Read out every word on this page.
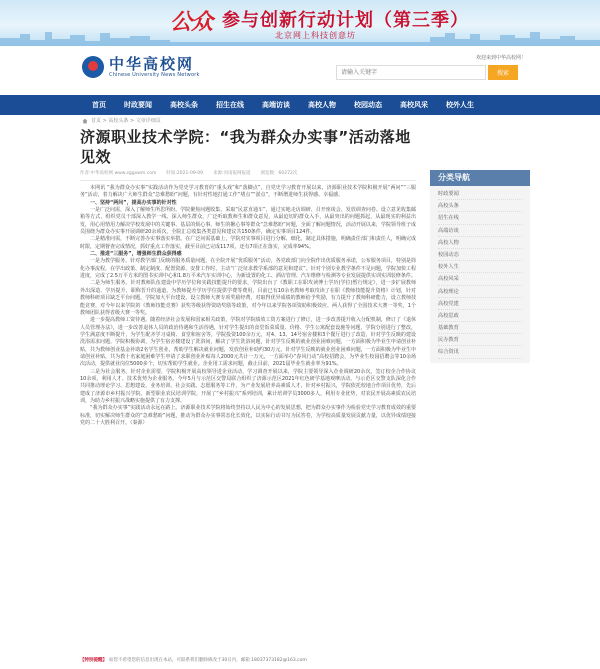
公众 参与创新行动计划（第三季）
北京网上科技创意坊
中华高校网
Chinese University News Network
欢迎来到中华高校网！
请输入关键字
搜索
首页	时政要闻	高校头条	招生在线	高端访谈	高校人物	校园动态	高校风采	校外人生
首页 > 高校头条 > 文章详细页
济源职业技术学院：“我为群众办实事”活动落地见效
作者:中华高校网 www.zggxwm.com 时间:2021-09-09 来源:河南报网报道 浏览数：60272次

本网讯 “我为群众办实事”实践活动作为党史学习教育的“重头戏”和“落脚点”，自党史学习教育开展以来，济源职业技术学院积极开展“两问”“三服务”活动，着力解决广大师生群众“急难愁盼”问题，有针对性地打通工作“堵点”“淤点”，不断增进师生获得感、幸福感。

一、坚持“两问”，提高办实事的针对性

一是广泛问需，深入了解师生所思所盼。学院聚焦问题收集，采取“民意直通车”，通过实地走访调研、召开座谈会、发放调查问卷、设立意见收集邮箱等方式，组织党员干部深入教学一线、深入师生群众，广泛听取教师生和群众意见，从最迫切的群众入手，从最突出的问题抓起，从最现实的利益出发，用心用情用力解决学校发展中的关键事、基层的烦心事、师生的揪心事等群众“急难愁盼”问题，全面了解问题情况，活动开展以来，学院领导班子成员围绕为群众办实事开展调研20余项次，全院汇总收集各类意见和建议共150条件，确定实事项目124件。

二是精准问需，不断完善办实事落实举措。在广泛问需基础上，学院对实事项目进行分解、细化，制定具体措施，明确责任部门和责任人，明确完成时限，定期督查完成情况，抓好重点工作落实，截至目前已完成117项，还有7项正在落实，完成率94%。

二、推进“三服务”，增强师生群众获得感

一是为教学服务。针对教学部门反映的服务质量问题，在全院开展“优质服务”活动，各党政部门向全院作出优质服务承诺，公布服务项目，特别是简化办事流程，在学出政策、制定制度、配置资源、安排工作时，主动“广泛征求教学系部的意见和建议”。针对个别专业教学条件不足问题，学院加快工程进度，完成了2.5万平方米的图书实训中心和1.8万平米汽车实训中心，为新设置的化工、酒店管理、汽车维修与检测等专业发展提供实训实训装修条件。

二是为师生服务。针对教师队伍建设中学历学位和实践技能提升的要求，学院出台了《教职工在职攻读博士学历(学位)暂行规定》，进一步扩展教师外出深造，学历提升、职称晋升的通道，为教师提升学历学位提供学费等费用，目前已有10余名教师考取攻读了在职《教师技能提升资格》计划，针对教师科研项目缺乏平台问题，学院加大平台建设，设立教师大赛专项奖励经费，对取得优异成绩的教师给予奖励，有力提升了教师科研能力，设立教师技能竞赛，对今年以来学院的《教师技能竞赛》获奖等级获得资助奖励等政策，对今年以来学院各项资助积极效应，两人获得了全国技术大赛一等奖，1个教师团队获得省级大赛一等奖。

进一步提高教师工资待遇。随着经济社会发展和国家相关政策，学院对学院绩效工资方案进行了修订，进一步改善提升收入分配机制，修订了《退休人员管理办法》，进一步改善退休人员的政治待遇和生活待遇，针对学生提出的食堂饭菜质量、价格、学生公寓配套设施等问题，学院分别进行了整改，学生满意度不断提升，为学生配齐学习桌椅、食堂和宿舍等，学院投资100余万元，对4、13、14号宿舍楼和3个餐厅进行了改造，针对学生反映的建设洗浴需求问题，学院积极协调，为学生宿舍楼建设了洗浴间，解决了学生洗浴问题，针对学生反映的就业创业困难问题，一方面积极为毕业生申请创业补贴，共为教师创业基金补助2名学生创业，帮助学生解决就业问题，发放创业补助约30万元，针对学生反映的就业创业困难问题，一方面积极为毕业生申请创业补贴，共为教十名家庭困难学生申请了求职创业补贴每人2000元共计一万元，一方面举办“春风行动”高校招聘会，为毕业生校园招聘会等10余场次活动，提供就业岗位5000多个，切实帮助学生就业。企业用工需求问题，截止目前，2021届毕业生就业率为91%。

三是为社会服务。针对企业需要，学院积极开展高校领导进企业活动，学习调查开展以来，学院主要领导深入企业调研20余次，签订校企合作协议10余项，利用人才、技术优势为企业服务。今年5月与示范区交警局联合组织了济源示范区2021年红色研学基地观摩活动，与示范区交警支队深化合作共同推动理论学习、思想建设、业务培训、社会实践、志愿服务等工作，为产业发展培养高素质人才，针对乡村振兴，学院依托校地合作项目优势，先后建成了济源市乡村振兴学院、新型职业农民培训学院，开展了“乡村振兴”系列培训，累计培训学员3000多人，利用专业优势，对农民开展高素质农民培训，为助力乡村振兴战略实施提供了有力支撑。

“我为群众办实事”实践活动永远在路上。济源职业技术学院将始终坚持以人民为中心的发展思想，把为群众办实事作为检验党史学习教育成效的重要标准，切实解决师生群众的“急难愁盼”问题，推动为群众办实事常态化长效化，以实际行动书写为民答卷，为学校高质量发展贡献力量，以优异成绩迎接党的二十大胜利召开。（秦源）

分类导航
时政要闻
高校头条
招生在线
高端访谈
高校人物
校园动态
校外人生
高校风采
高校理论
高校党建
高校思政
基础教育
民办教育
综合资讯
【特别提醒】 如您不希望您的信息出现在本站，可联系我们删除修改于30日内，邮箱 18037373182@163.com
